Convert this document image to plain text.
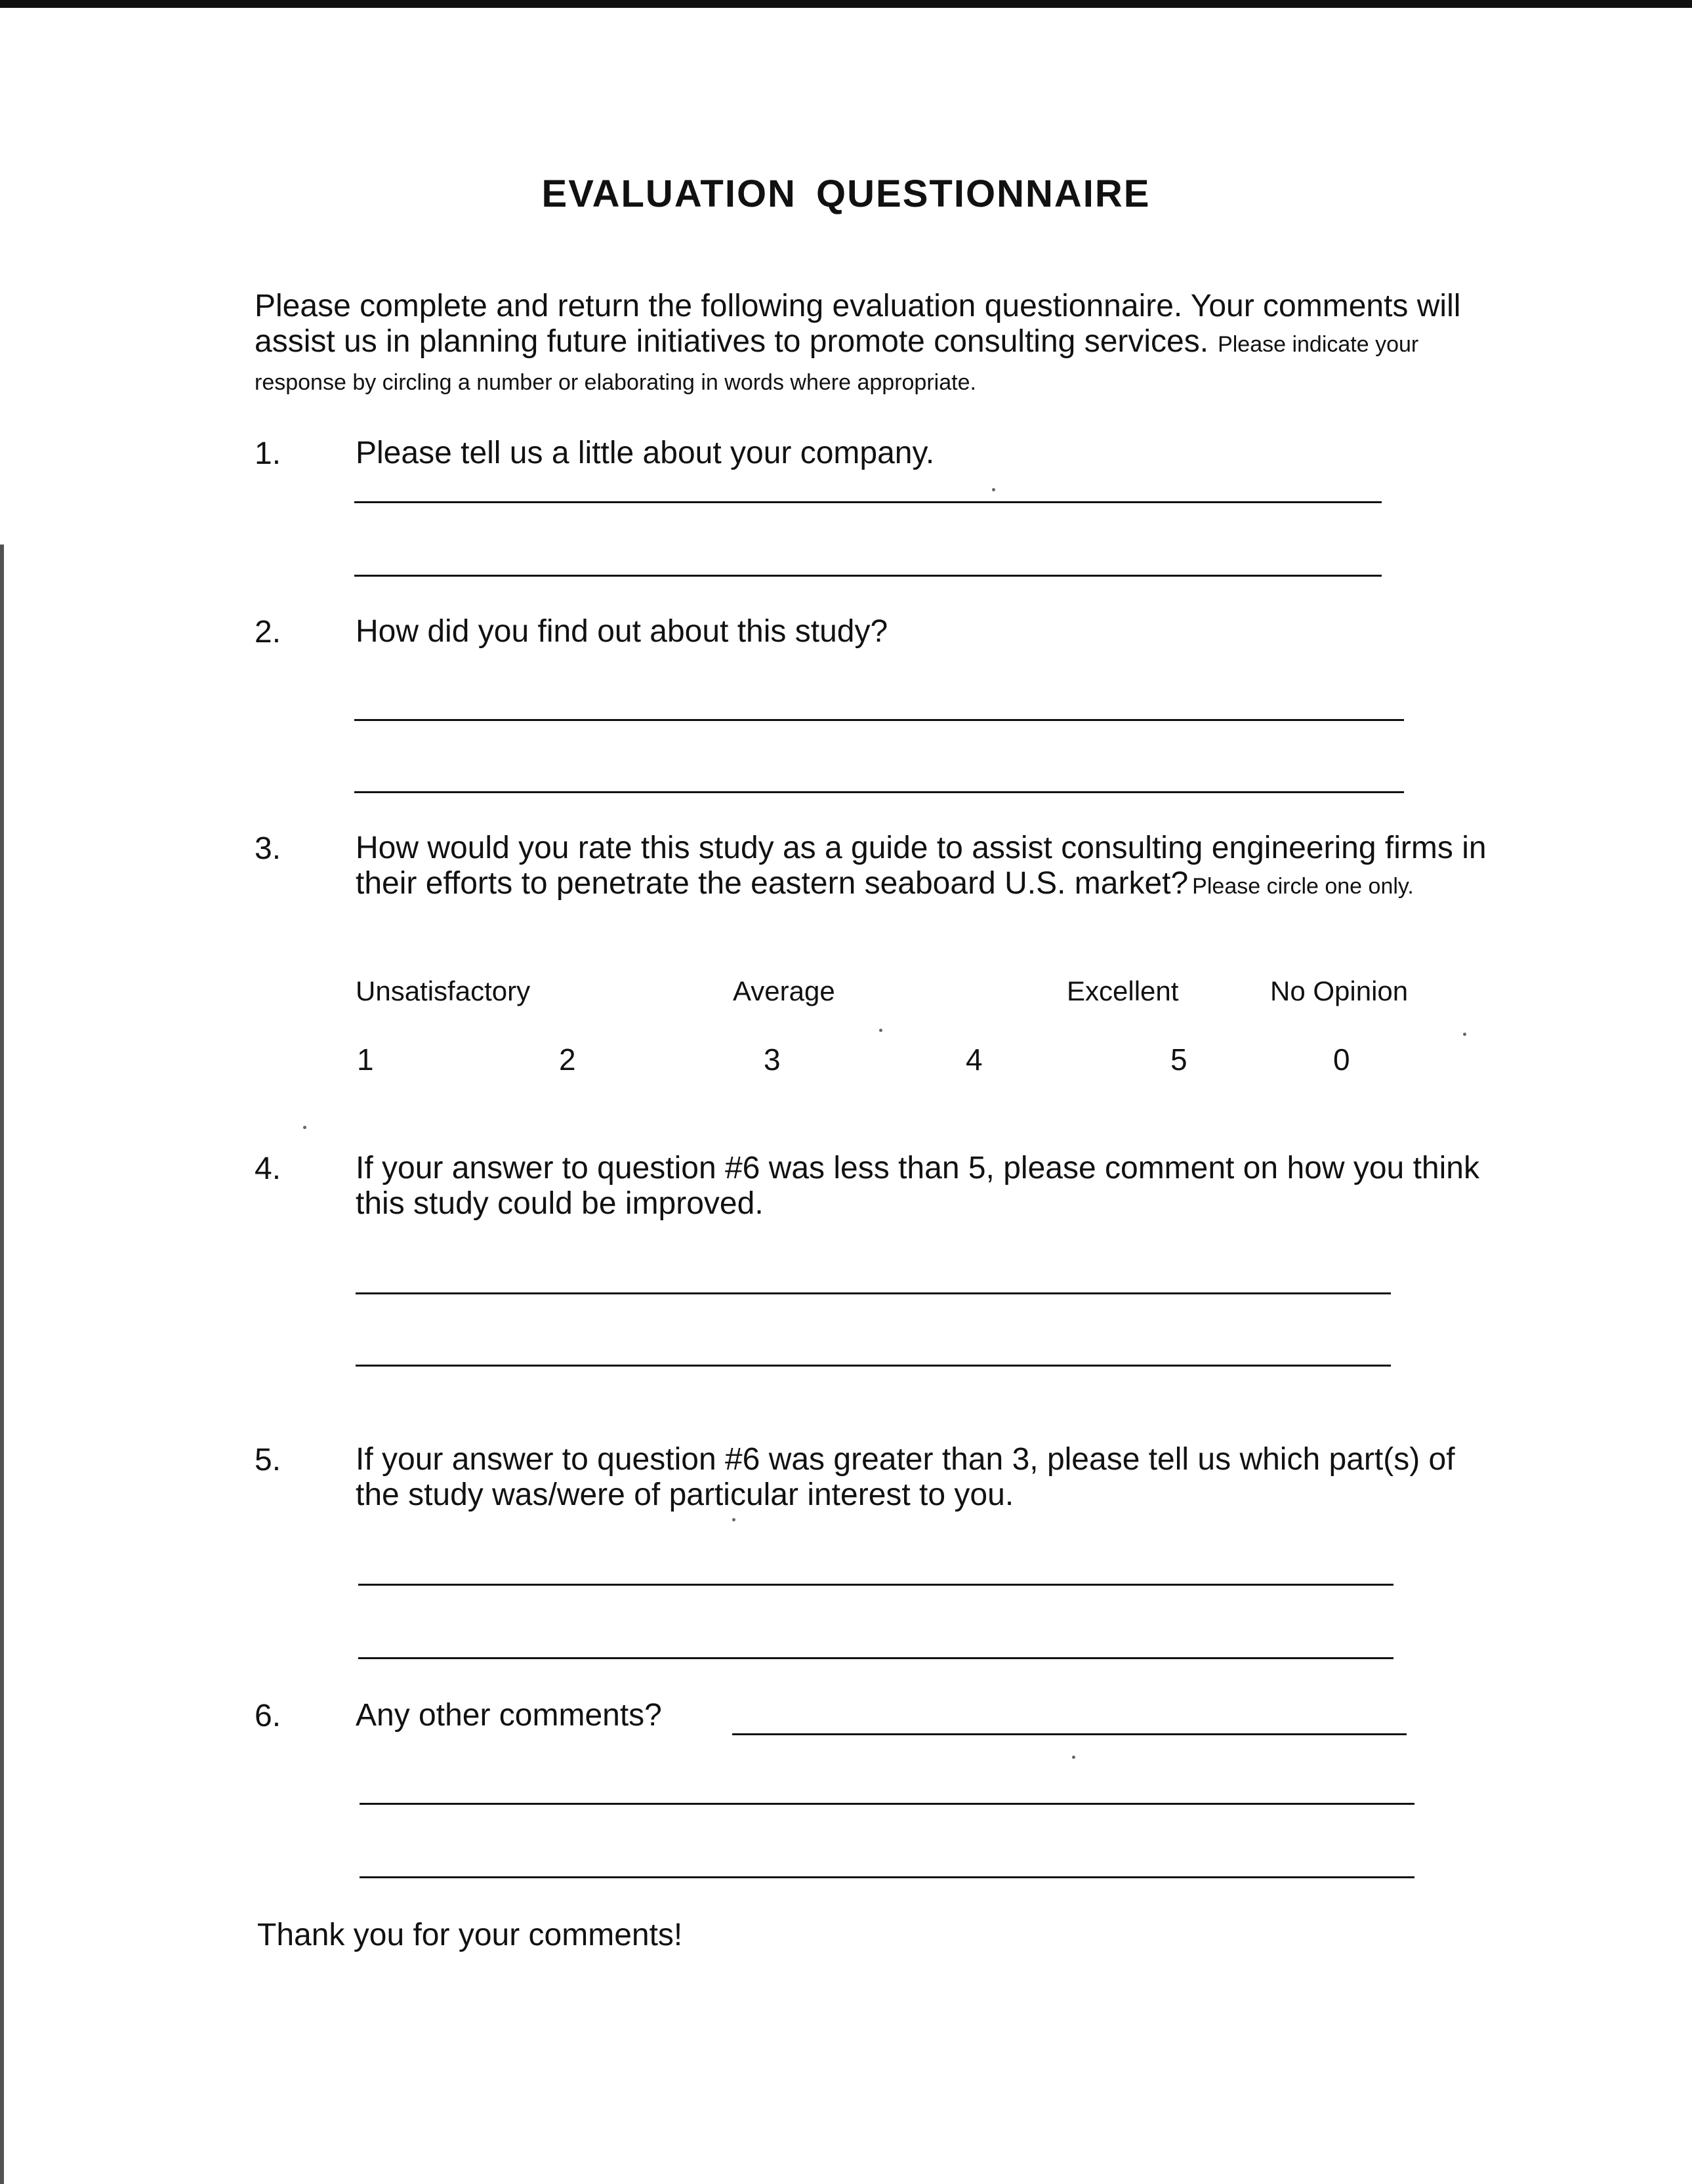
EVALUATION QUESTIONNAIRE
Please complete and return the following evaluation questionnaire. Your comments will assist us in planning future initiatives to promote consulting services. Please indicate your response by circling a number or elaborating in words where appropriate.
1. Please tell us a little about your company.
2. How did you find out about this study?
3. How would you rate this study as a guide to assist consulting engineering firms in their efforts to penetrate the eastern seaboard U.S. market? Please circle one only.
Unsatisfactory	Average	Excellent	No Opinion
1	2	3	4	5	0
4. If your answer to question #6 was less than 5, please comment on how you think this study could be improved.
5. If your answer to question #6 was greater than 3, please tell us which part(s) of the study was/were of particular interest to you.
6. Any other comments?
Thank you for your comments!
